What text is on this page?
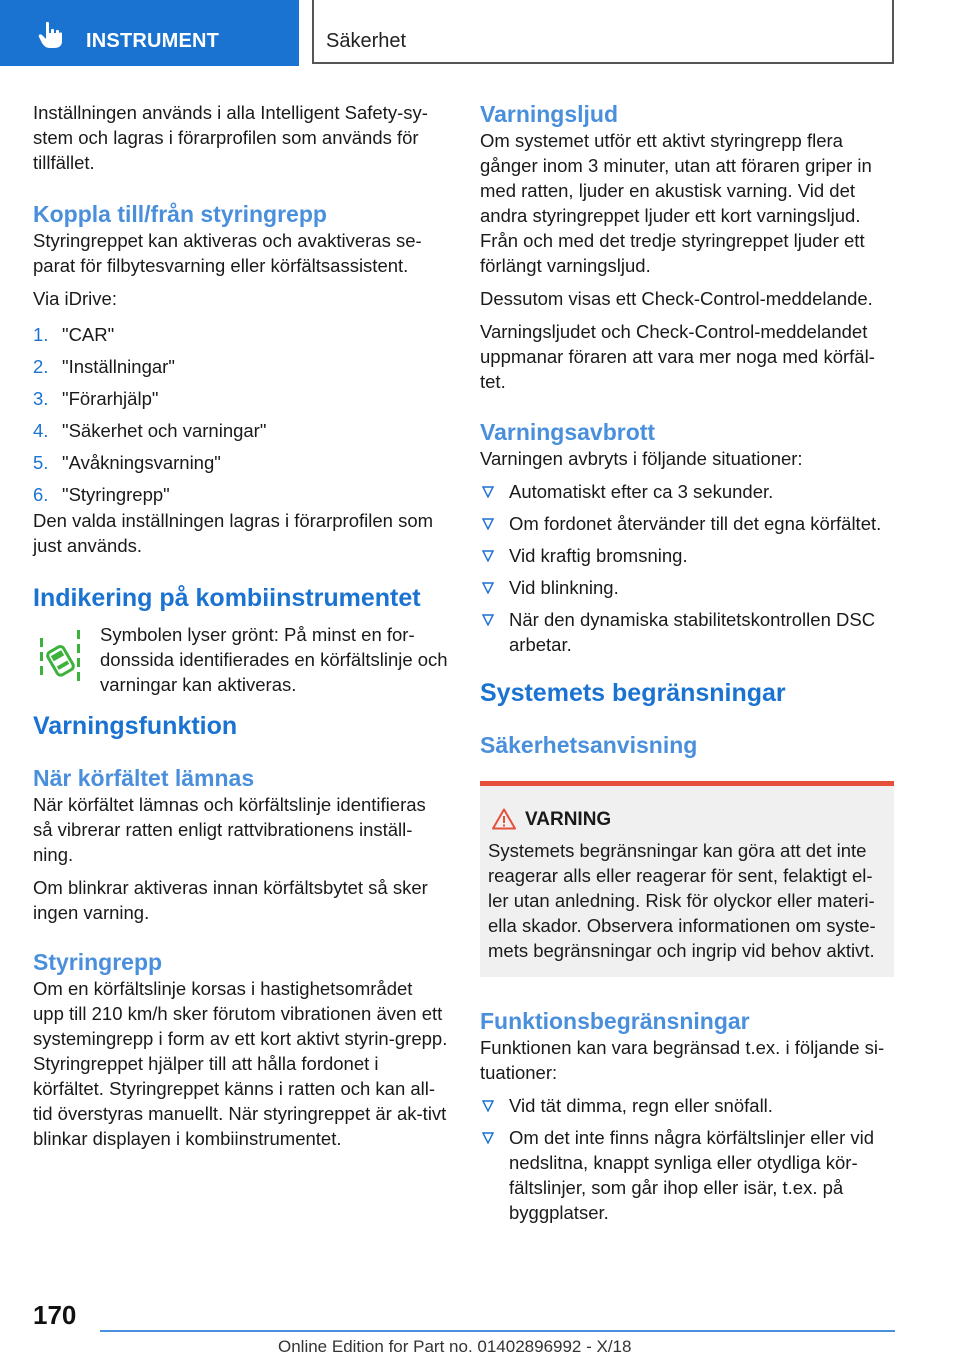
INSTRUMENT	Säkerhet

Inställningen används i alla Intelligent Safety-sy-stem och lagras i förarprofilen som används för tillfället.

Koppla till/från styringrepp

Styringreppet kan aktiveras och avaktiveras se-parat för filbytesvarning eller körfältsassistent.

Via iDrive:

1. "CAR"
2. "Inställningar"
3. "Förarhjälp"
4. "Säkerhet och varningar"
5. "Avåkningsvarning"
6. "Styringrepp"

Den valda inställningen lagras i förarprofilen som just används.

Indikering på kombiinstrumentet
Symbolen lyser grönt: På minst en for-donssida identifierades en körfältslinje och varningar kan aktiveras.
Varningsfunktion
När körfältet lämnas

När körfältet lämnas och körfältslinje identifieras så vibrerar ratten enligt rattvibrationens inställ-ning.

Om blinkrar aktiveras innan körfältsbytet så sker ingen varning.

Styringrepp

Om en körfältslinje korsas i hastighetsområdet upp till 210 km/h sker förutom vibrationen även ett systemingrepp i form av ett kort aktivt styrin-grepp. Styringreppet hjälper till att hålla fordonet i körfältet. Styringreppet känns i ratten och kan all-tid överstyras manuellt. När styringreppet är ak-tivt blinkar displayen i kombiinstrumentet.

Varningsljud

Om systemet utför ett aktivt styringrepp flera gånger inom 3 minuter, utan att föraren griper in med ratten, ljuder en akustisk varning. Vid det andra styringreppet ljuder ett kort varningsljud. Från och med det tredje styringreppet ljuder ett förlängt varningsljud.

Dessutom visas ett Check-Control-meddelande.

Varningsljudet och Check-Control-meddelandet uppmanar föraren att vara mer noga med körfäl-tet.

Varningsavbrott

Varningen avbryts i följande situationer:

Automatiskt efter ca 3 sekunder.
Om fordonet återvänder till det egna körfältet.
Vid kraftig bromsning.
Vid blinkning.
När den dynamiska stabilitetskontrollen DSC arbetar.
Systemets begränsningar
Säkerhetsanvisning
VARNING

Systemets begränsningar kan göra att det inte reagerar alls eller reagerar för sent, felaktigt el-ler utan anledning. Risk för olyckor eller materi-ella skador. Observera informationen om syste-mets begränsningar och ingrip vid behov aktivt.

Funktionsbegränsningar

Funktionen kan vara begränsad t.ex. i följande si-tuationer:

Vid tät dimma, regn eller snöfall.
Om det inte finns några körfältslinjer eller vid nedslitna, knappt synliga eller otydliga kör-fältslinjer, som går ihop eller isär, t.ex. på byggplatser.
170
Online Edition for Part no. 01402896992 - X/18
